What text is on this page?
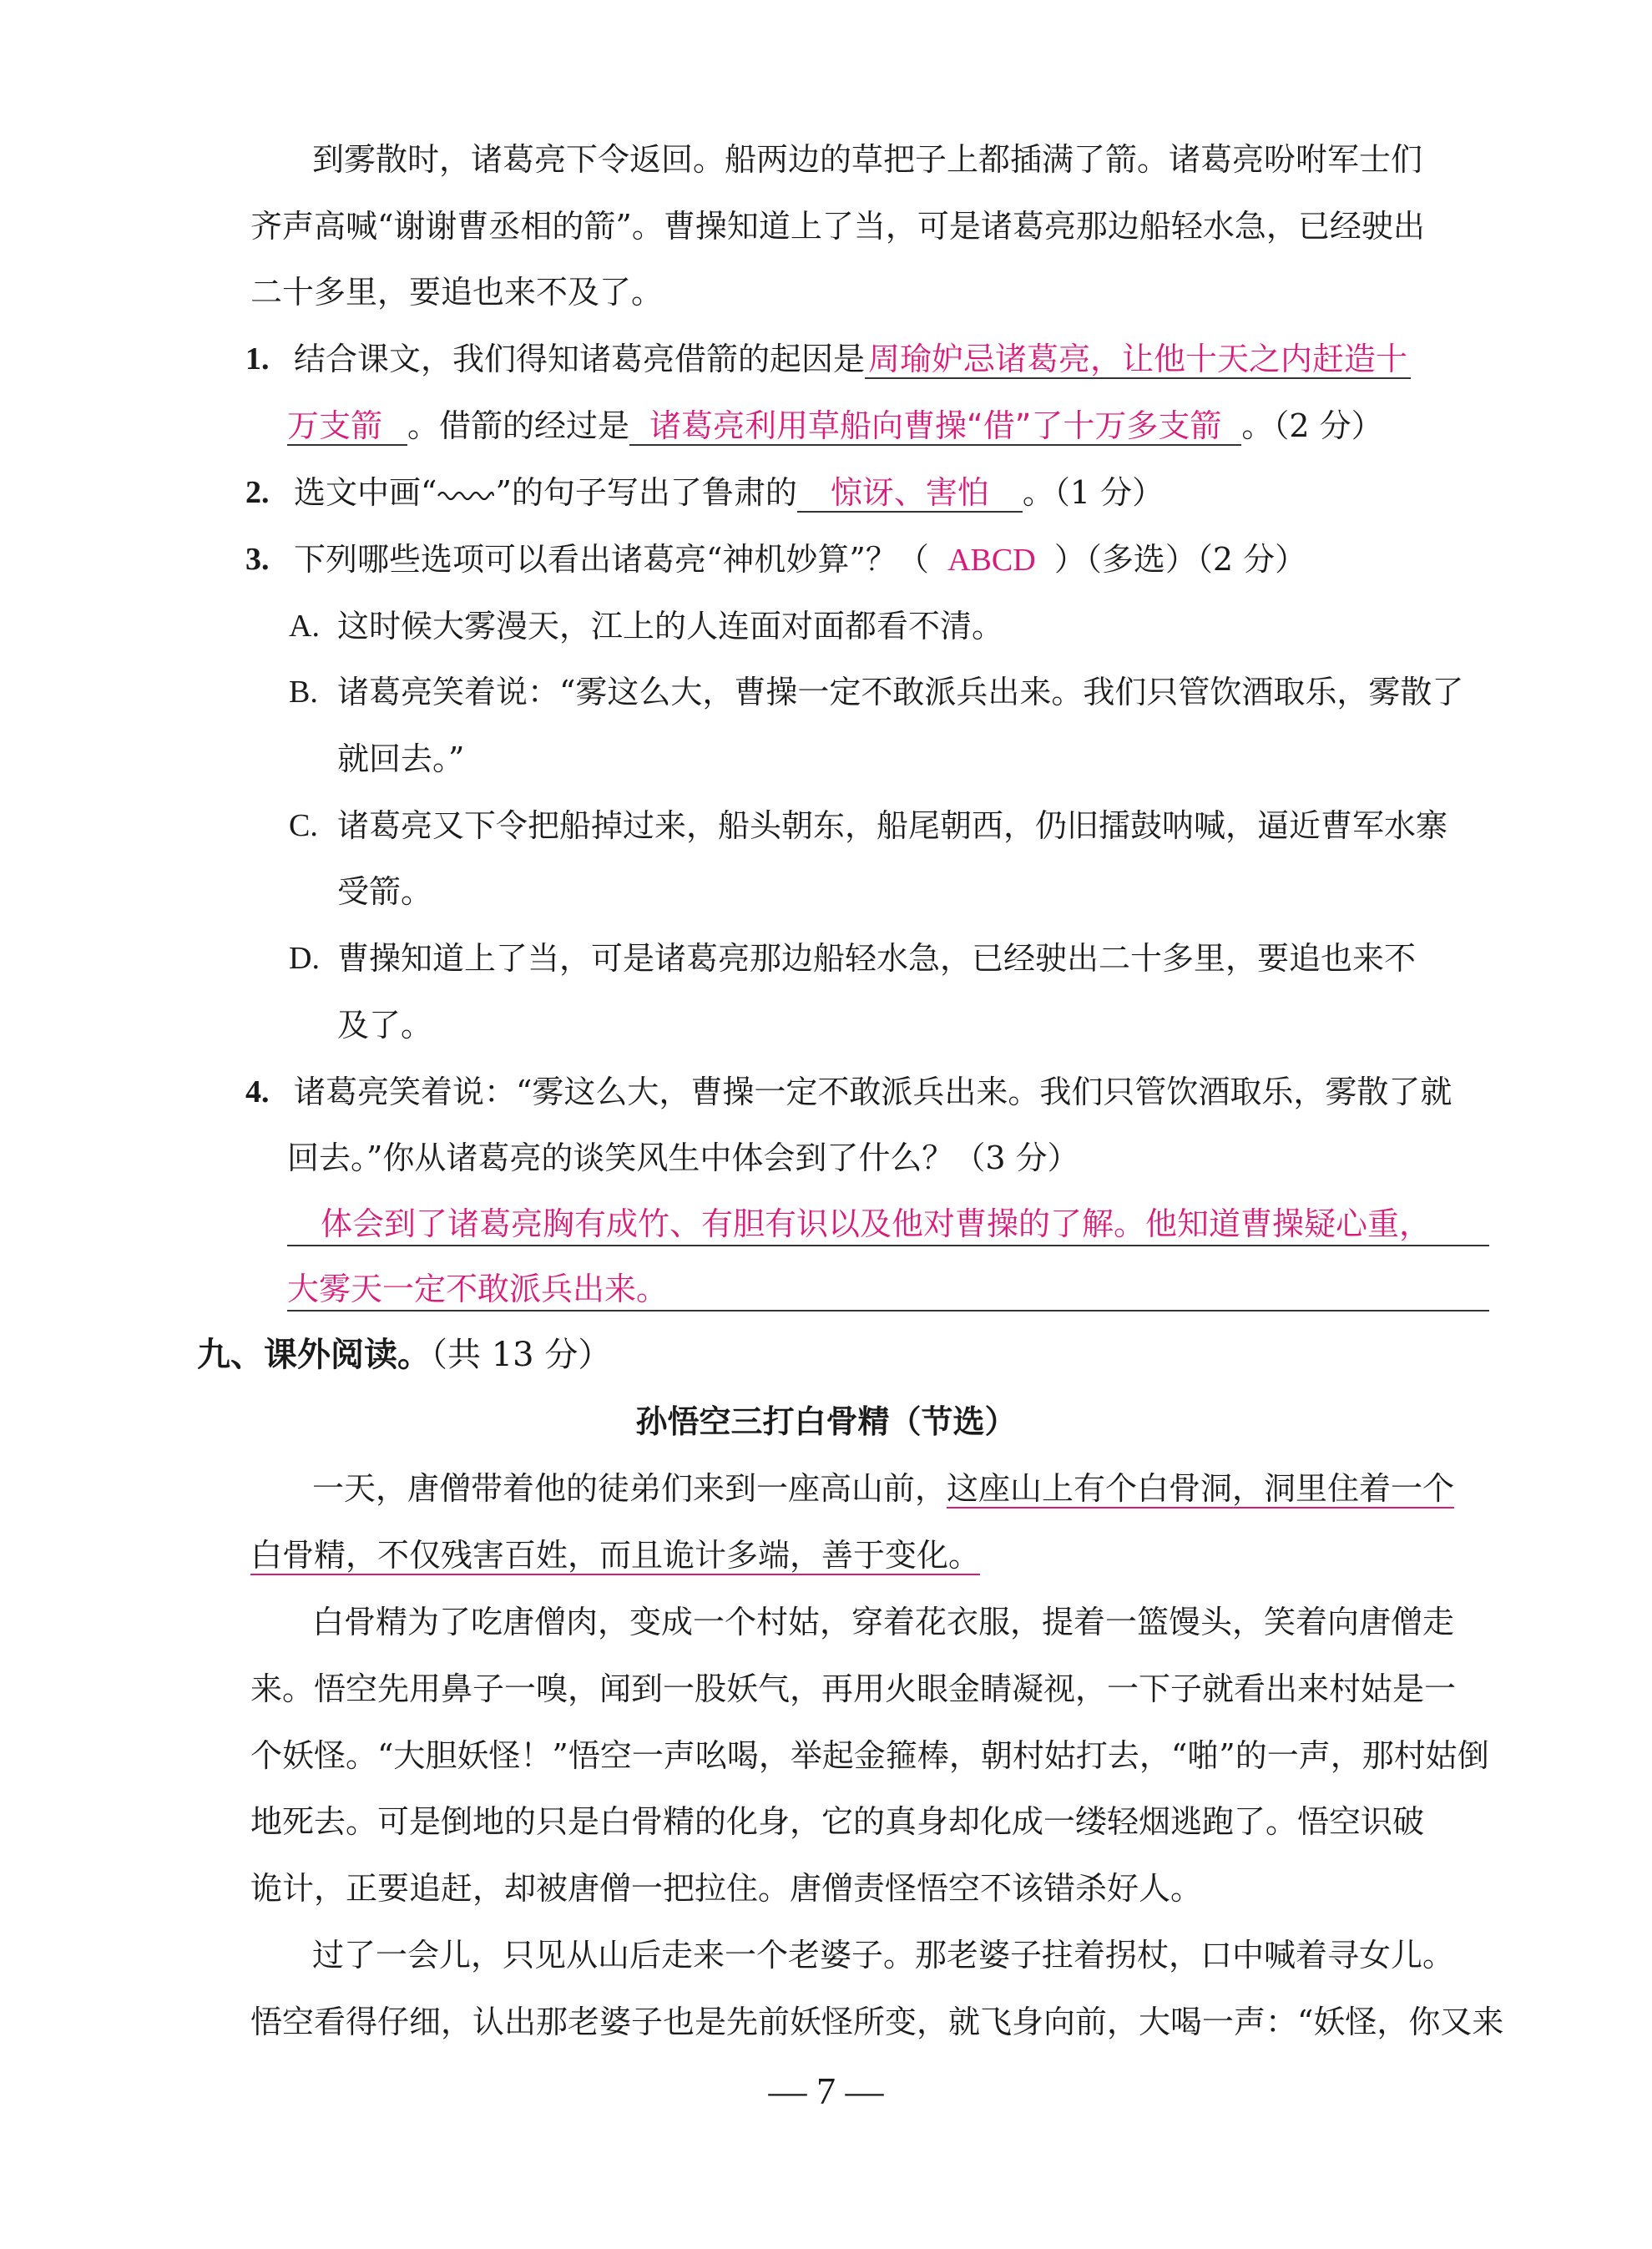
到雾散时，诸葛亮下令返回。船两边的草把子上都插满了箭。诸葛亮吩咐军士们
齐声高喊“谢谢曹丞相的箭”。曹操知道上了当，可是诸葛亮那边船轻水急，已经驶出
二十多里，要追也来不及了。
1. 结合课文，我们得知诸葛亮借箭的起因是 周瑜妒忌诸葛亮，让他十天之内赶造十
万支箭 。借箭的经过是 诸葛亮利用草船向曹操“借”了十万多支箭 。（2 分）
2. 选文中画“ ”的句子写出了鲁肃的 惊讶、害怕 。（1 分）
3. 下列哪些选项可以看出诸葛亮“神机妙算”？（ ABCD ）（多选）（2 分）
A. 这时候大雾漫天，江上的人连面对面都看不清。
B. 诸葛亮笑着说：“雾这么大，曹操一定不敢派兵出来。我们只管饮酒取乐，雾散了
就回去。”
C. 诸葛亮又下令把船掉过来，船头朝东，船尾朝西，仍旧擂鼓呐喊，逼近曹军水寨
受箭。
D. 曹操知道上了当，可是诸葛亮那边船轻水急，已经驶出二十多里，要追也来不
及了。
4. 诸葛亮笑着说：“雾这么大，曹操一定不敢派兵出来。我们只管饮酒取乐，雾散了就
回去。”你从诸葛亮的谈笑风生中体会到了什么？（3 分）
体会到了诸葛亮胸有成竹、有胆有识以及他对曹操的了解。他知道曹操疑心重，
大雾天一定不敢派兵出来。
九、课外阅读。（共 13 分）
孙悟空三打白骨精（节选）
一天，唐僧带着他的徒弟们来到一座高山前，这座山上有个白骨洞，洞里住着一个
白骨精，不仅残害百姓，而且诡计多端，善于变化。
白骨精为了吃唐僧肉，变成一个村姑，穿着花衣服，提着一篮馒头，笑着向唐僧走
来。悟空先用鼻子一嗅，闻到一股妖气，再用火眼金睛凝视，一下子就看出来村姑是一
个妖怪。“大胆妖怪！”悟空一声吆喝，举起金箍棒，朝村姑打去，“啪”的一声，那村姑倒
地死去。可是倒地的只是白骨精的化身，它的真身却化成一缕轻烟逃跑了。悟空识破
诡计，正要追赶，却被唐僧一把拉住。唐僧责怪悟空不该错杀好人。
过了一会儿，只见从山后走来一个老婆子。那老婆子拄着拐杖，口中喊着寻女儿。
悟空看得仔细，认出那老婆子也是先前妖怪所变，就飞身向前，大喝一声：“妖怪，你又来
— 7 —
